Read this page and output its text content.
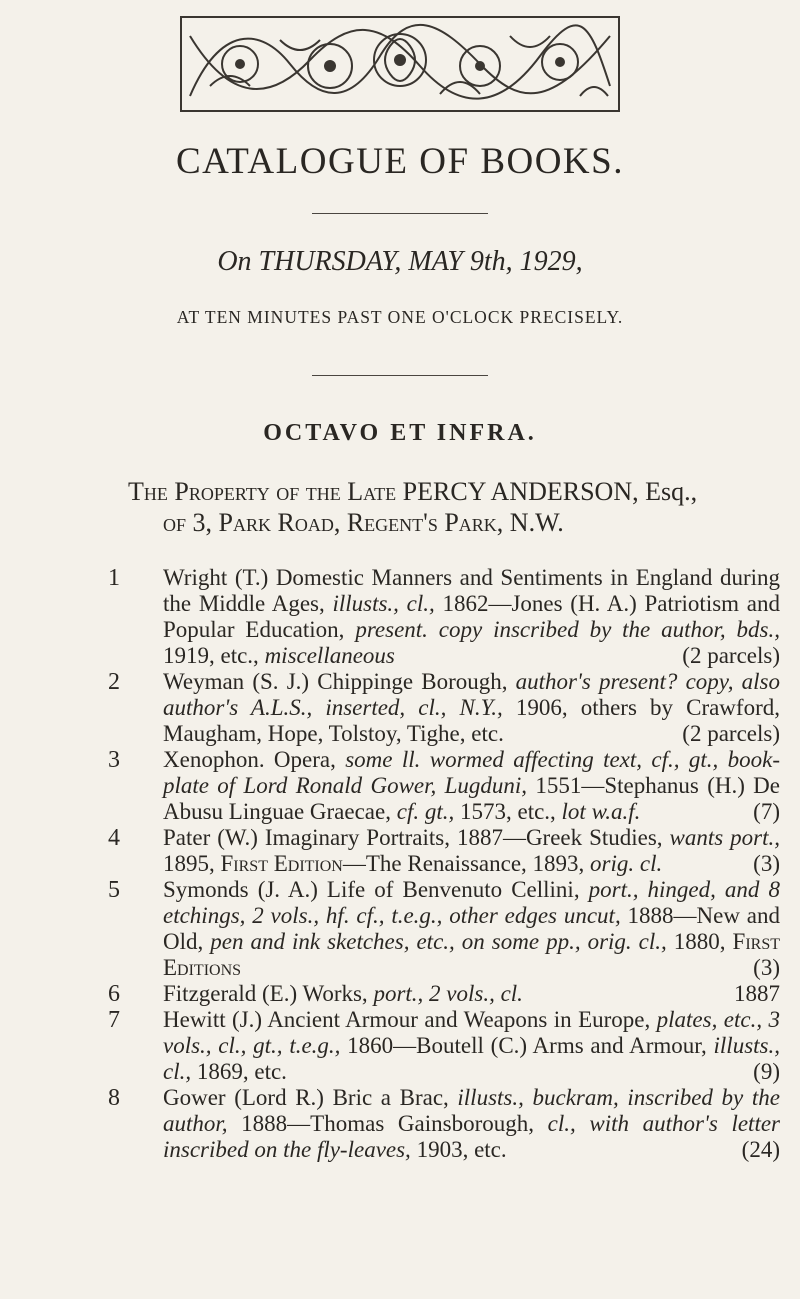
CATALOGUE OF BOOKS.
On THURSDAY, MAY 9th, 1929,
AT TEN MINUTES PAST ONE O'CLOCK PRECISELY.
OCTAVO ET INFRA.
The Property of the Late PERCY ANDERSON, Esq.,
of 3, Park Road, Regent's Park, N.W.
1	Wright (T.) Domestic Manners and Sentiments in England during the Middle Ages, illusts., cl., 1862—Jones (H. A.) Patriotism and Popular Education, present. copy inscribed by the author, bds., 1919, etc., miscellaneous	(2 parcels)
2	Weyman (S. J.) Chippinge Borough, author's present? copy, also author's A.L.S., inserted, cl., N.Y., 1906, others by Crawford, Maugham, Hope, Tolstoy, Tighe, etc.	(2 parcels)
3	Xenophon. Opera, some ll. wormed affecting text, cf., gt., book-plate of Lord Ronald Gower, Lugduni, 1551—Stephanus (H.) De Abusu Linguae Graecae, cf. gt., 1573, etc., lot w.a.f.	(7)
4	Pater (W.) Imaginary Portraits, 1887—Greek Studies, wants port., 1895, First Edition—The Renaissance, 1893, orig. cl.	(3)
5	Symonds (J. A.) Life of Benvenuto Cellini, port., hinged, and 8 etchings, 2 vols., hf. cf., t.e.g., other edges uncut, 1888—New and Old, pen and ink sketches, etc., on some pp., orig. cl., 1880, First Editions	(3)
6	Fitzgerald (E.) Works, port., 2 vols., cl.	1887
7	Hewitt (J.) Ancient Armour and Weapons in Europe, plates, etc., 3 vols., cl., gt., t.e.g., 1860—Boutell (C.) Arms and Armour, illusts., cl., 1869, etc.	(9)
8	Gower (Lord R.) Bric a Brac, illusts., buckram, inscribed by the author, 1888—Thomas Gainsborough, cl., with author's letter inscribed on the fly-leaves, 1903, etc.	(24)
